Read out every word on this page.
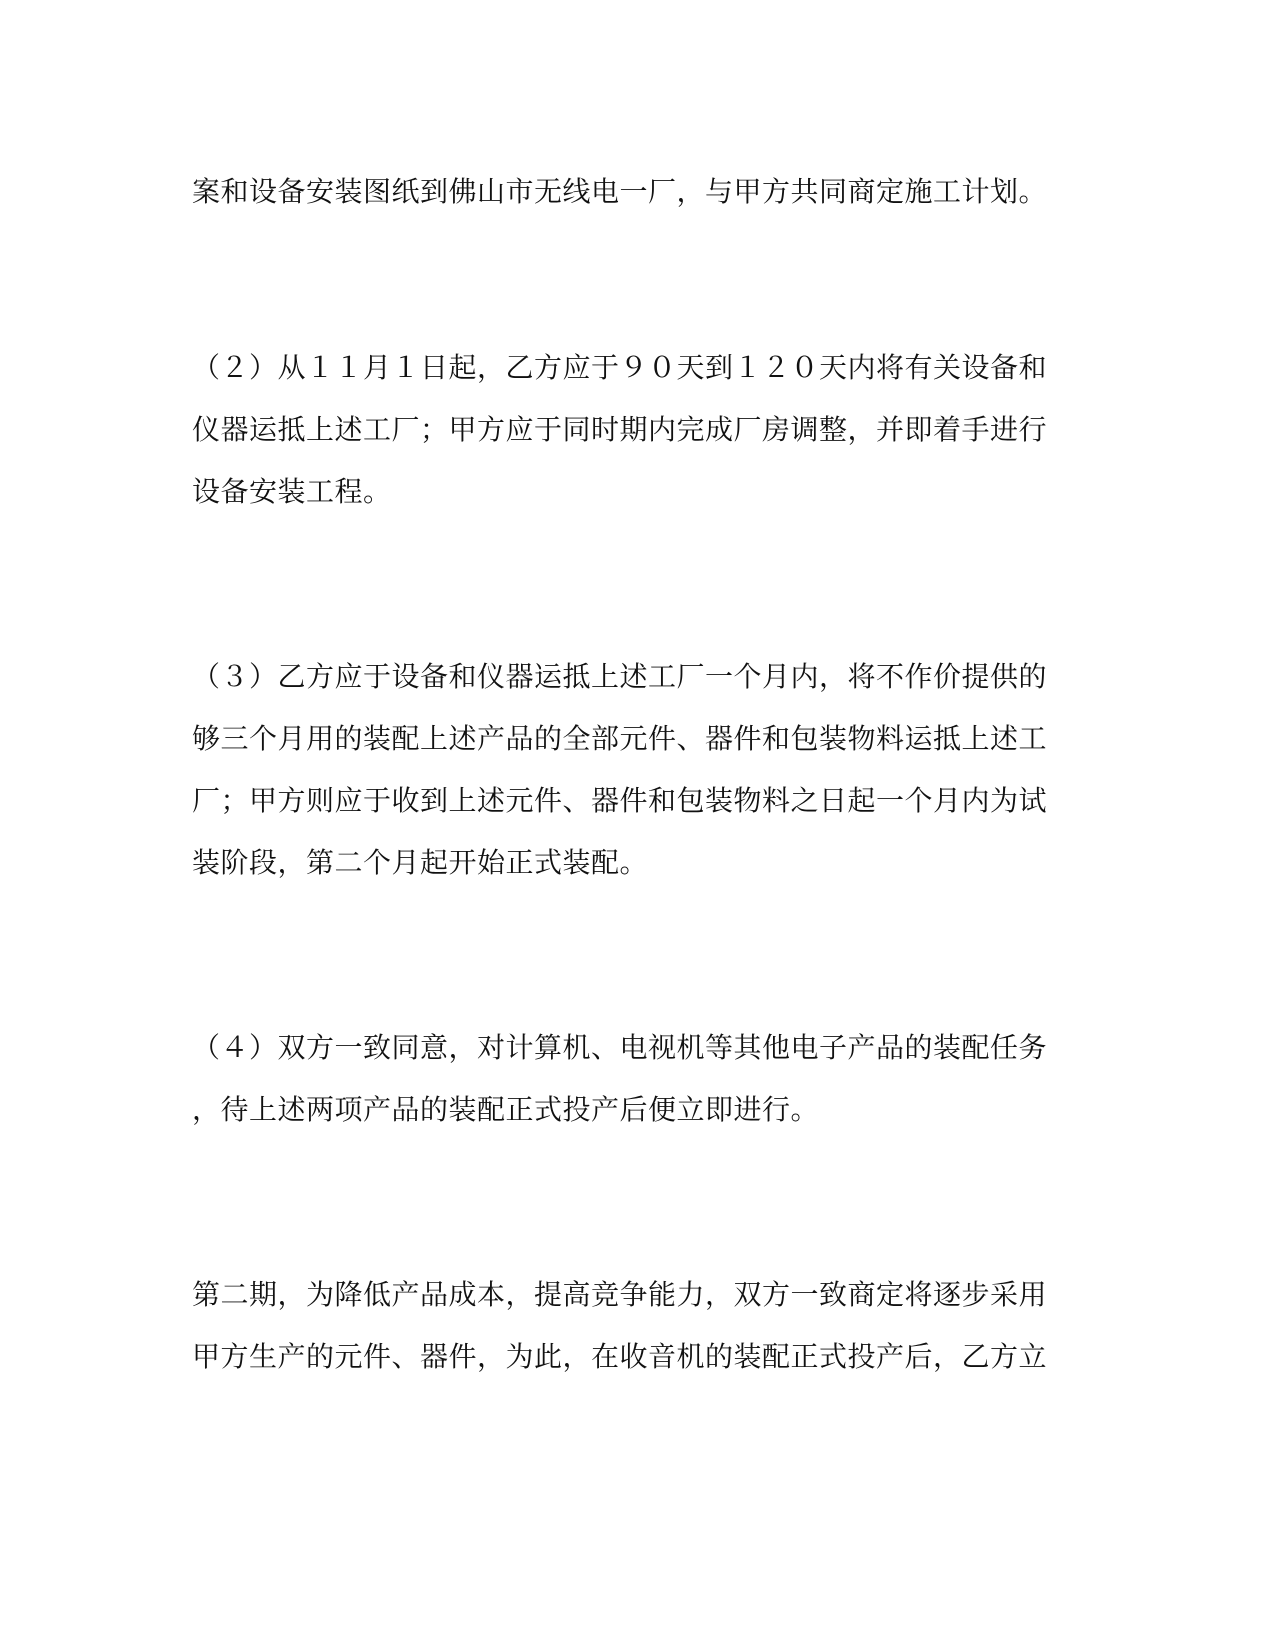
案和设备安装图纸到佛山市无线电一厂，与甲方共同商定施工计划。
（２）从１１月１日起，乙方应于９０天到１２０天内将有关设备和
仪器运抵上述工厂；甲方应于同时期内完成厂房调整，并即着手进行
设备安装工程。
（３）乙方应于设备和仪器运抵上述工厂一个月内，将不作价提供的
够三个月用的装配上述产品的全部元件、器件和包装物料运抵上述工
厂；甲方则应于收到上述元件、器件和包装物料之日起一个月内为试
装阶段，第二个月起开始正式装配。
（４）双方一致同意，对计算机、电视机等其他电子产品的装配任务
，待上述两项产品的装配正式投产后便立即进行。
第二期，为降低产品成本，提高竞争能力，双方一致商定将逐步采用
甲方生产的元件、器件，为此，在收音机的装配正式投产后，乙方立
